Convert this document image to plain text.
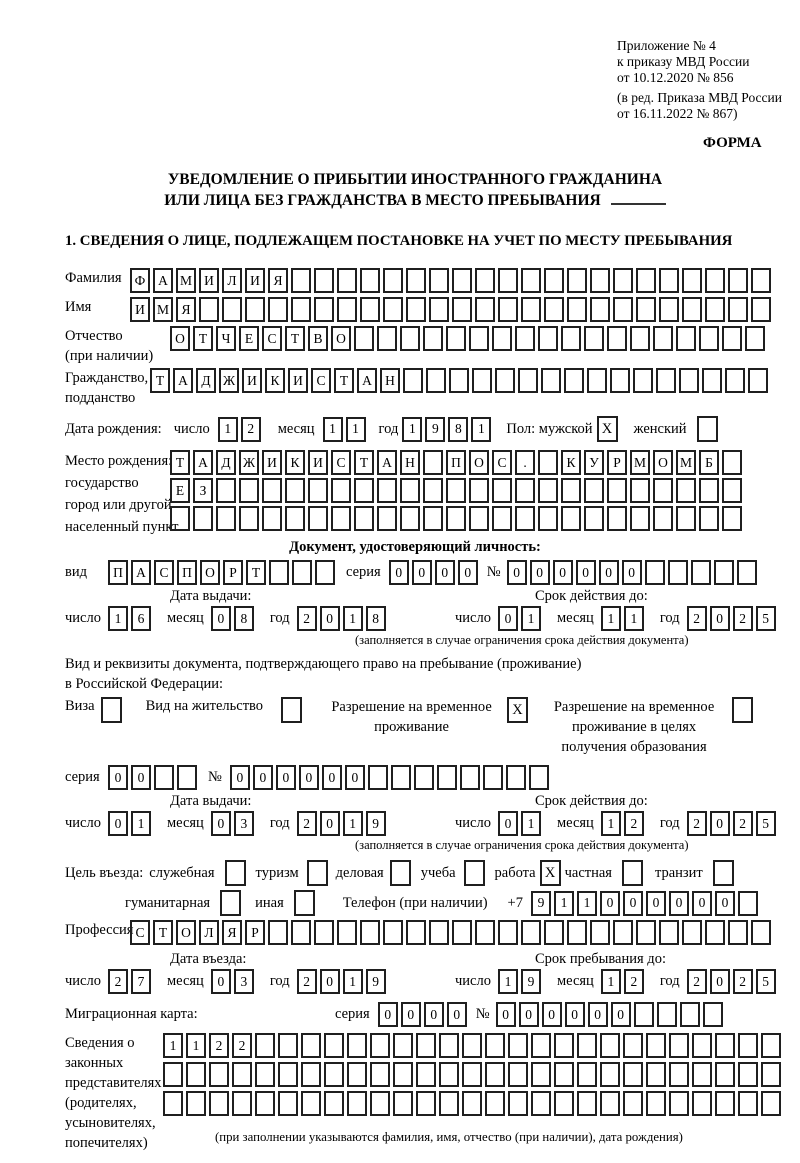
Приложение № 4
к приказу МВД России
от 10.12.2020 № 856
(в ред. Приказа МВД России
от 16.11.2022 № 867)
ФОРМА
УВЕДОМЛЕНИЕ О ПРИБЫТИИ ИНОСТРАННОГО ГРАЖДАНИНА
ИЛИ ЛИЦА БЕЗ ГРАЖДАНСТВА В МЕСТО ПРЕБЫВАНИЯ
1. СВЕДЕНИЯ О ЛИЦЕ, ПОДЛЕЖАЩЕМ ПОСТАНОВКЕ НА УЧЕТ ПО МЕСТУ ПРЕБЫВАНИЯ
Фамилия Ф А М И	Л	И	Я
Имя	И М Я
Отчество
(при наличии)
О	Т	Ч	Е	С	Т	В	О
Гражданство,
подданство
Т	А	Д Ж И	К	И	С	Т	А Н
Дата рождения: число	1	2	месяц	1	1	год 1	9	8	1	Пол: мужской X	женский
Место рождения:
государство
город или другой
населенный пункт
Т	А	Д Ж И	К	И	С	Т	А Н	П О	С	.	К	У	Р М О М Б
Е	З
Документ, удостоверяющий личность:
вид	П А	С	П О	Р	Т	серия	0	0	0	0	№ 0	0	0	0	0	0
Дата выдачи:	Срок действия до:
число	1	6	месяц	0	8	год	2	0	1	8	число	0	1	месяц	1	1	год	2	0	2	5
(заполняется в случае ограничения срока действия документа)
Вид и реквизиты документа, подтверждающего право на пребывание (проживание)
в Российской Федерации:
Виза	Вид на жительство	Разрешение на временное
проживание
X	Разрешение на временное
проживание в целях
получения образования
серия	0	0	№	0	0	0	0	0	0
Дата выдачи:	Срок действия до:
число	0	1	месяц	0	3	год	2	0	1	9	число	0	1	месяц	1	2	год	2	0	2	5
(заполняется в случае ограничения срока действия документа)
Цель въезда: служебная	туризм	деловая	учеба	работа X частная	транзит
гуманитарная	иная	Телефон (при наличии) +7	9	1	1	0	0	0	0	0	0
Профессия С	Т	О	Л	Я	Р
Дата въезда:	Срок пребывания до:
число	2	7	месяц	0	3	год	2	0	1	9	число	1	9	месяц	1	2	год	2	0	2	5
Миграционная карта:	серия	0	0	0	0	№ 0	0	0	0	0	0
Сведения о
законных
представителях
(родителях,
усыновителях,
попечителях)
1	1	2	2
(при заполнении указываются фамилия, имя, отчество (при наличии), дата рождения)
